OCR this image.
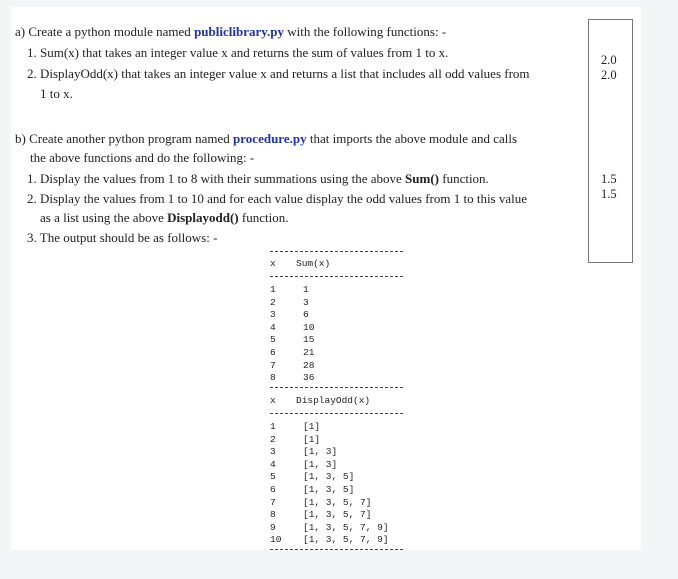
a) Create a python module named publiclibrary.py with the following functions: -
1. Sum(x) that takes an integer value x and returns the sum of values from 1 to x.
2. DisplayOdd(x) that takes an integer value x and returns a list that includes all odd values from
1 to x.
b) Create another python program named procedure.py that imports the above module and calls
the above functions and do the following: -
1. Display the values from 1 to 8 with their summations using the above Sum() function.
2. Display the values from 1 to 10 and for each value display the odd values from 1 to this value
as a list using the above Displayodd() function.
3. The output should be as follows: -
2.0
2.0
1.5
1.5
x Sum(x)
1
2
3
4
5
6
7
8
1
3
6
10
15
21
28
36
x DisplayOdd(x)
1
2
3
4
5
6
7
8
9
10
[1]
[1]
[1, 3]
[1, 3]
[1, 3, 5]
[1, 3, 5]
[1, 3, 5, 7]
[1, 3, 5, 7]
[1, 3, 5, 7, 9]
[1, 3, 5, 7, 9]
